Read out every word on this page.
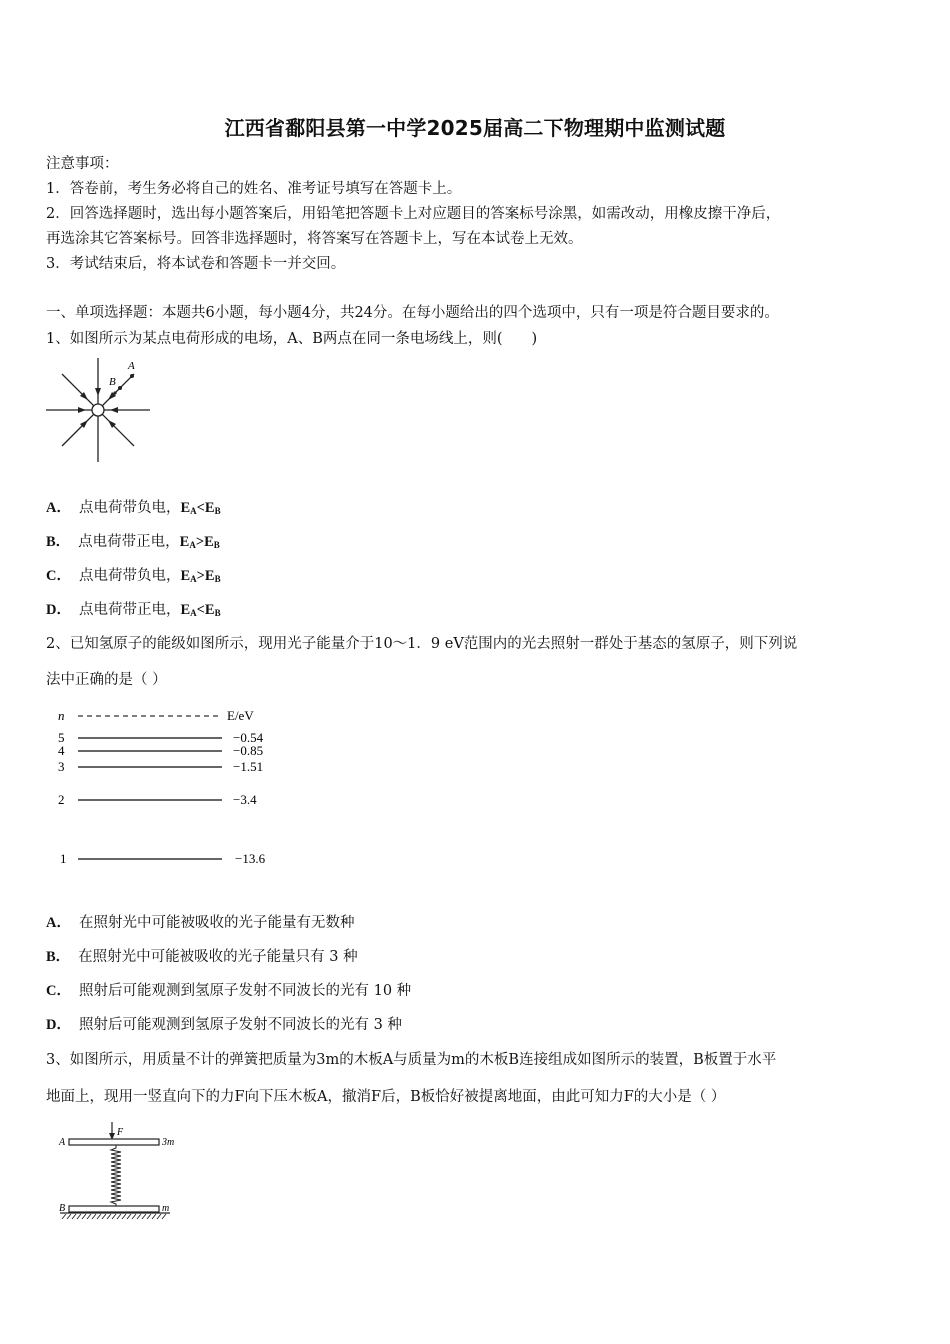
江西省鄱阳县第一中学2025届高二下物理期中监测试题
注意事项：
1．答卷前，考生务必将自己的姓名、准考证号填写在答题卡上。
2．回答选择题时，选出每小题答案后，用铅笔把答题卡上对应题目的答案标号涂黑，如需改动，用橡皮擦干净后，
再选涂其它答案标号。回答非选择题时，将答案写在答题卡上，写在本试卷上无效。
3．考试结束后，将本试卷和答题卡一并交回。
一、单项选择题：本题共6小题，每小题4分，共24分。在每小题给出的四个选项中，只有一项是符合题目要求的。
1、如图所示为某点电荷形成的电场，A、B两点在同一条电场线上，则(　　)
A
B
A． 点电荷带负电，$E_A<E_B$
B． 点电荷带正电，$E_A>E_B$
C． 点电荷带负电，$E_A>E_B$
D． 点电荷带正电，$E_A<E_B$
2、已知氢原子的能级如图所示，现用光子能量介于10～1．9 eV范围内的光去照射一群处于基态的氢原子，则下列说
法中正确的是（ ）
n	E/eV
5	−0.54
4	−0.85
3	−1.51
2	−3.4
1	−13.6
A． 在照射光中可能被吸收的光子能量有无数种
B． 在照射光中可能被吸收的光子能量只有 3 种
C． 照射后可能观测到氢原子发射不同波长的光有 10 种
D． 照射后可能观测到氢原子发射不同波长的光有 3 种
3、如图所示，用质量不计的弹簧把质量为3m的木板A与质量为m的木板B连接组成如图所示的装置，B板置于水平
地面上，现用一竖直向下的力F向下压木板A，撤消F后，B板恰好被提离地面，由此可知力F的大小是（ ）
F
A	3m
B	m
